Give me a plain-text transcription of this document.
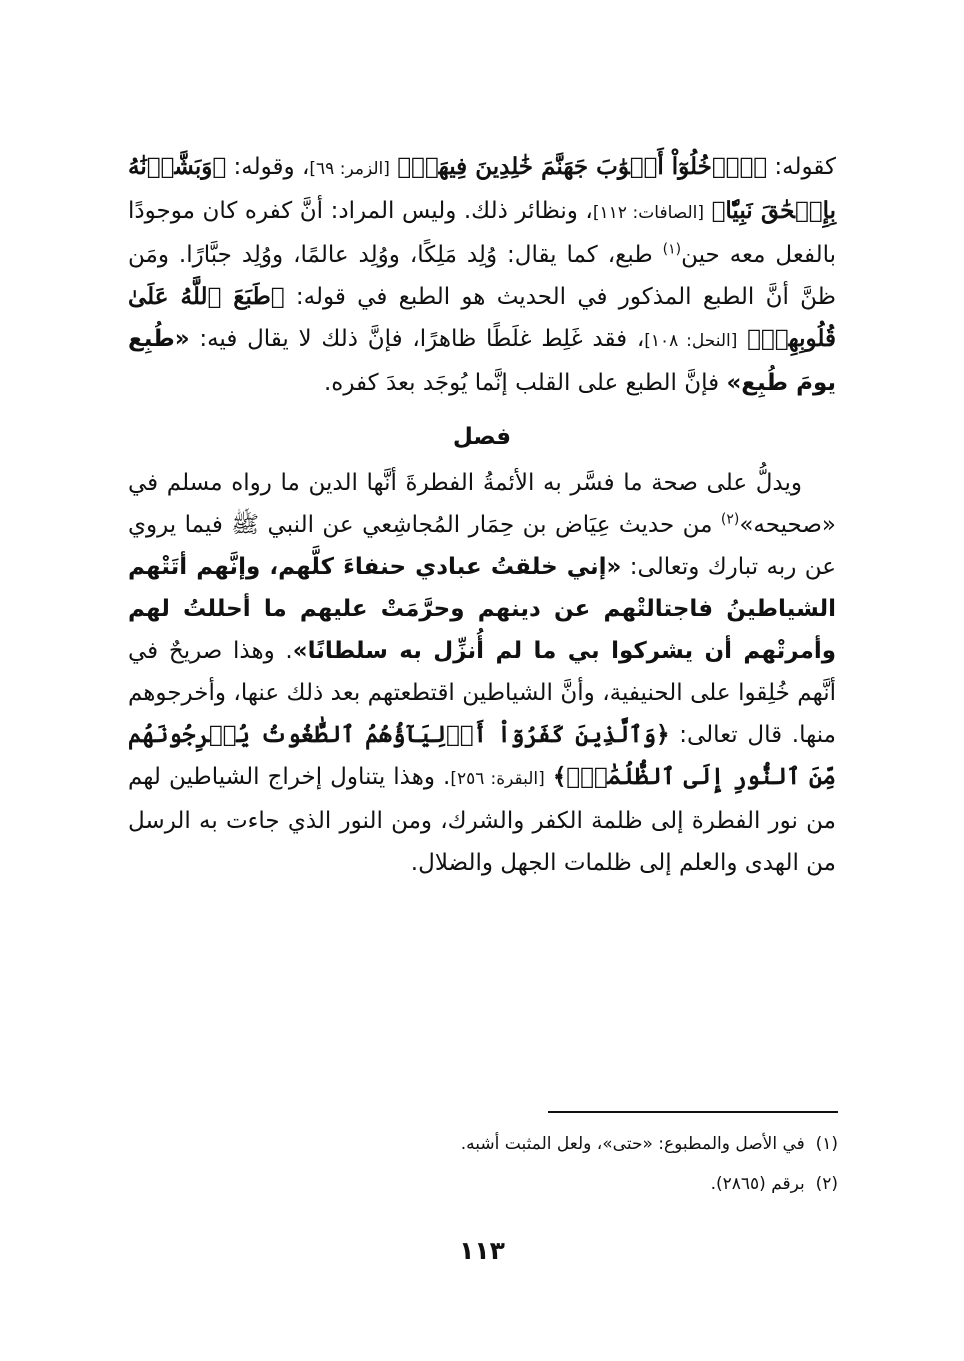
كقوله: ﴿ٱدۡخُلُوٓاْ أَبۡوَٰبَ جَهَنَّمَ خَٰلِدِينَ فِيهَاۖ﴾ [الزمر: ٦٩]، وقوله: ﴿وَبَشَّرۡنَٰهُ بِإِسۡحَٰقَ نَبِيّٗا﴾ [الصافات: ١١٢]، ونظائر ذلك. وليس المراد: أنَّ كفره كان موجودًا بالفعل معه حين$^{(١)}$ طبع، كما يقال: وُلِد مَلِكًا، ووُلِد عالمًا، ووُلِد جبَّارًا. ومَن ظنَّ أنَّ الطبع المذكور في الحديث هو الطبع في قوله: ﴿طَبَعَ ٱللَّهُ عَلَىٰ قُلُوبِهِمۡ﴾ [النحل: ١٠٨]، فقد غَلِط غلَطًا ظاهرًا، فإنَّ ذلك لا يقال فيه: «طُبِع يومَ طُبِع» فإنَّ الطبع على القلب إنَّما يُوجَد بعدَ كفره.

فصل

ويدلُّ على صحة ما فسَّر به الأئمةُ الفطرةَ أنَّها الدين ما رواه مسلم في «صحيحه»$^{(٢)}$ من حديث عِيَاض بن حِمَار المُجاشِعي عن النبي ﷺ فيما يروي عن ربه تبارك وتعالى: «إني خلقتُ عبادي حنفاءَ كلَّهم، وإنَّهم أتَتْهم الشياطينُ فاجتالتْهم عن دينهم وحرَّمَتْ عليهم ما أحللتُ لهم وأمرتْهم أن يشركوا بي ما لم أُنزِّل به سلطانًا». وهذا صريحٌ في أنَّهم خُلِقوا على الحنيفية، وأنَّ الشياطين اقتطعتهم بعد ذلك عنها، وأخرجوهم منها. قال تعالى: ﴿وَٱلَّذِينَ كَفَرُوٓاْ أَوۡلِيَآؤُهُمُ ٱلطَّٰغُوتُ يُخۡرِجُونَهُم مِّنَ ٱلنُّورِ إِلَى ٱلظُّلُمَٰتِۗ﴾ [البقرة: ٢٥٦]. وهذا يتناول إخراج الشياطين لهم من نور الفطرة إلى ظلمة الكفر والشرك، ومن النور الذي جاءت به الرسل من الهدى والعلم إلى ظلمات الجهل والضلال.

(١)  في الأصل والمطبوع: «حتى»، ولعل المثبت أشبه.
(٢)  برقم (٢٨٦٥).
١١٣
